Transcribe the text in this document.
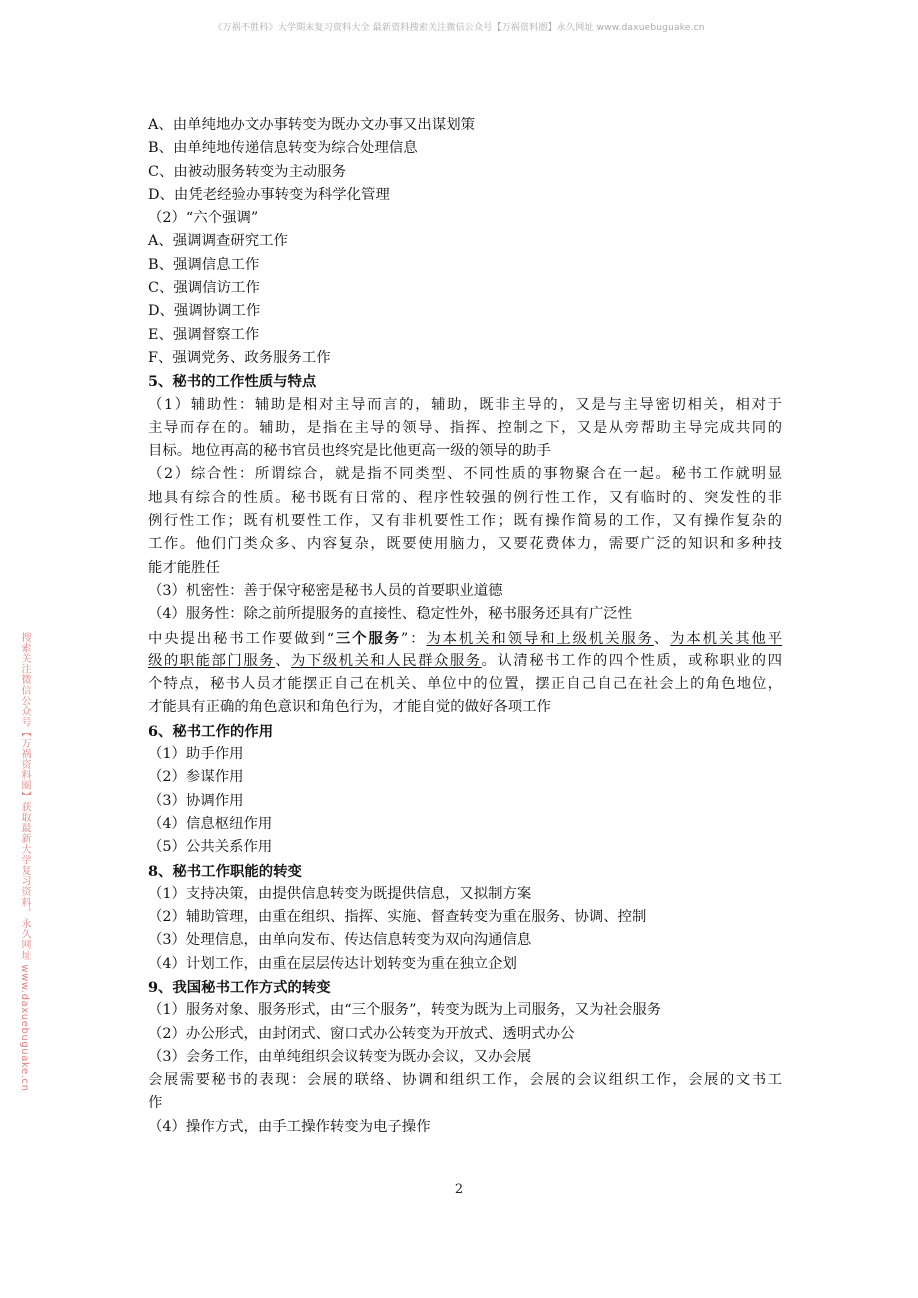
《万祸不胜科》大学期末复习资料大全 最新资料搜索关注微信公众号【万祸资料圈】永久网址 www.daxuebuguake.cn
搜索关注微信公众号【万祸资料圈】获取最新大学复习资料，永久网址 www.daxuebuguake.cn
A、由单纯地办文办事转变为既办文办事又出谋划策
B、由单纯地传递信息转变为综合处理信息
C、由被动服务转变为主动服务
D、由凭老经验办事转变为科学化管理
（2）“六个强调”
A、强调调查研究工作
B、强调信息工作
C、强调信访工作
D、强调协调工作
E、强调督察工作
F、强调党务、政务服务工作
5、秘书的工作性质与特点
（1）辅助性：辅助是相对主导而言的，辅助，既非主导的，又是与主导密切相关，相对于
主导而存在的。辅助，是指在主导的领导、指挥、控制之下，又是从旁帮助主导完成共同的
目标。地位再高的秘书官员也终究是比他更高一级的领导的助手
（2）综合性：所谓综合，就是指不同类型、不同性质的事物聚合在一起。秘书工作就明显
地具有综合的性质。秘书既有日常的、程序性较强的例行性工作，又有临时的、突发性的非
例行性工作；既有机要性工作，又有非机要性工作；既有操作简易的工作，又有操作复杂的
工作。他们门类众多、内容复杂，既要使用脑力，又要花费体力，需要广泛的知识和多种技
能才能胜任
（3）机密性：善于保守秘密是秘书人员的首要职业道德
（4）服务性：除之前所提服务的直接性、稳定性外，秘书服务还具有广泛性
中央提出秘书工作要做到“三个服务”：为本机关和领导和上级机关服务、为本机关其他平
级的职能部门服务、为下级机关和人民群众服务。认清秘书工作的四个性质，或称职业的四
个特点，秘书人员才能摆正自己在机关、单位中的位置，摆正自己自己在社会上的角色地位，
才能具有正确的角色意识和角色行为，才能自觉的做好各项工作
6、秘书工作的作用
（1）助手作用
（2）参谋作用
（3）协调作用
（4）信息枢纽作用
（5）公共关系作用
8、秘书工作职能的转变
（1）支持决策，由提供信息转变为既提供信息，又拟制方案
（2）辅助管理，由重在组织、指挥、实施、督查转变为重在服务、协调、控制
（3）处理信息，由单向发布、传达信息转变为双向沟通信息
（4）计划工作，由重在层层传达计划转变为重在独立企划
9、我国秘书工作方式的转变
（1）服务对象、服务形式，由“三个服务”，转变为既为上司服务，又为社会服务
（2）办公形式，由封闭式、窗口式办公转变为开放式、透明式办公
（3）会务工作，由单纯组织会议转变为既办会议，又办会展
会展需要秘书的表现：会展的联络、协调和组织工作，会展的会议组织工作，会展的文书工
作
（4）操作方式，由手工操作转变为电子操作
2
